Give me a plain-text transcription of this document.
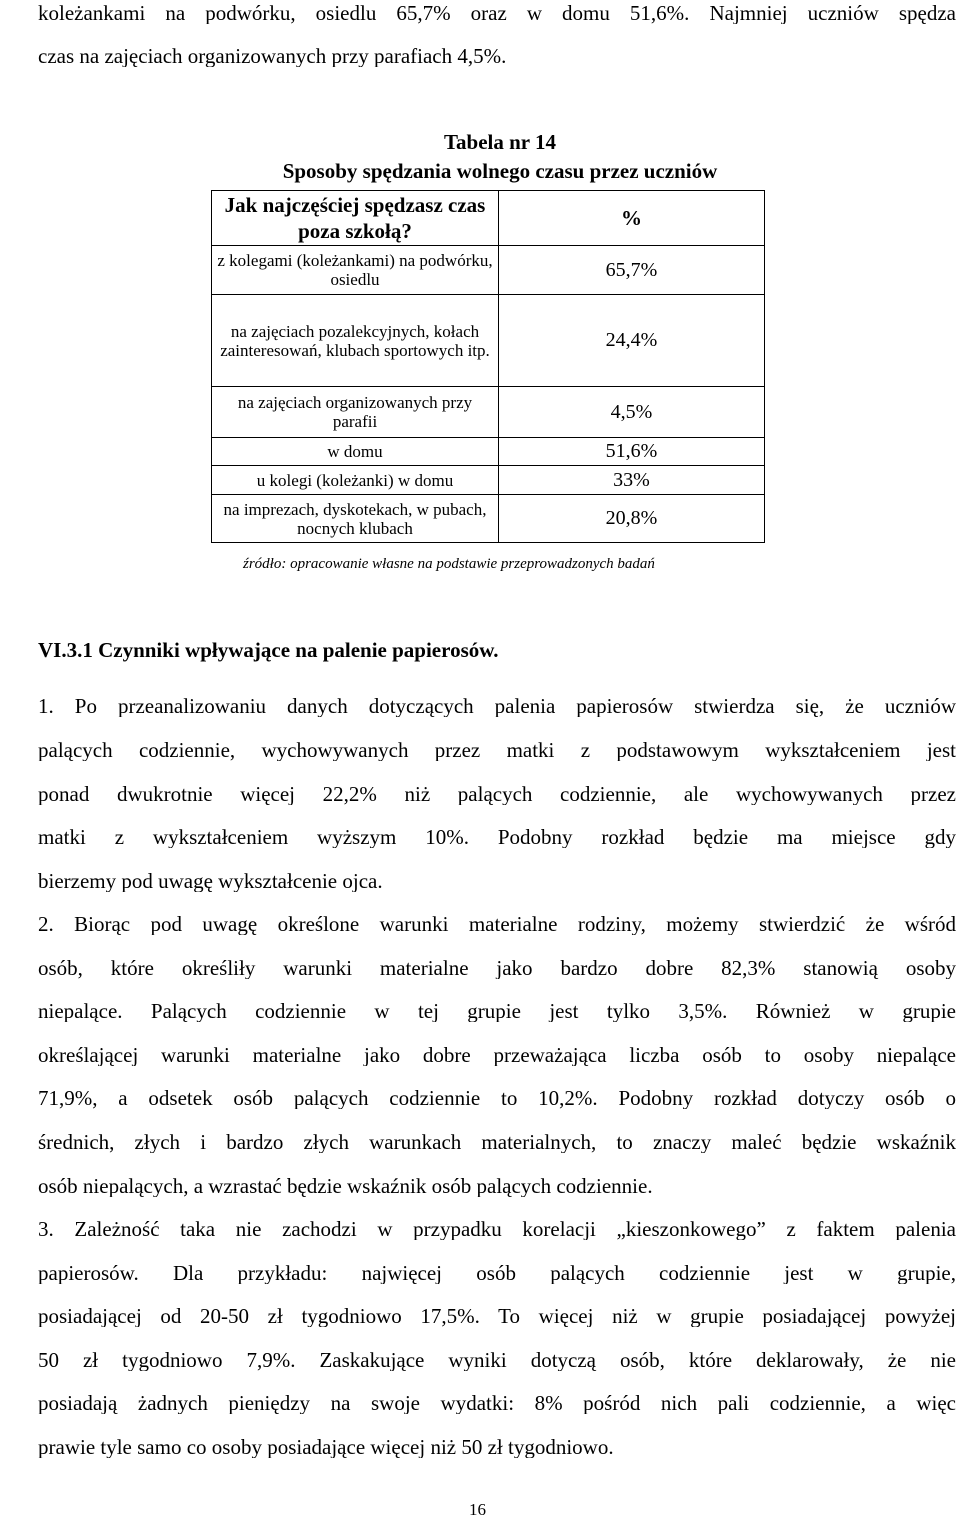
koleżankami na podwórku, osiedlu 65,7% oraz w domu 51,6%. Najmniej uczniów spędza

czas na zajęciach organizowanych przy parafiach 4,5%.

Tabela nr 14
Sposoby spędzania wolnego czasu przez uczniów
Jak najczęściej spędzasz czas poza szkołą?	%
z kolegami (koleżankami) na podwórku, osiedlu	65,7%
na zajęciach pozalekcyjnych, kołach zainteresowań, klubach sportowych itp.	24,4%
na zajęciach organizowanych przy parafii	4,5%
w domu	51,6%
u kolegi (koleżanki) w domu	33%
na imprezach, dyskotekach, w pubach, nocnych klubach	20,8%
źródło: opracowanie własne na podstawie przeprowadzonych badań
VI.3.1 Czynniki wpływające na palenie papierosów.

1. Po przeanalizowaniu danych dotyczących palenia papierosów stwierdza się, że uczniów

palących codziennie, wychowywanych przez matki z podstawowym wykształceniem jest

ponad dwukrotnie więcej 22,2% niż palących codziennie, ale wychowywanych przez

matki z wykształceniem wyższym 10%. Podobny rozkład będzie ma miejsce gdy

bierzemy pod uwagę wykształcenie ojca.

2. Biorąc pod uwagę określone warunki materialne rodziny, możemy stwierdzić że wśród

osób, które określiły warunki materialne jako bardzo dobre 82,3% stanowią osoby

niepalące. Palących codziennie w tej grupie jest tylko 3,5%. Również w grupie

określającej warunki materialne jako dobre przeważająca liczba osób to osoby niepalące

71,9%, a odsetek osób palących codziennie to 10,2%. Podobny rozkład dotyczy osób o

średnich, złych i bardzo złych warunkach materialnych, to znaczy maleć będzie wskaźnik

osób niepalących, a wzrastać będzie wskaźnik osób palących codziennie.

3. Zależność taka nie zachodzi w przypadku korelacji „kieszonkowego” z faktem palenia

papierosów. Dla przykładu: najwięcej osób palących codziennie jest w grupie,

posiadającej od 20-50 zł tygodniowo 17,5%. To więcej niż w grupie posiadającej powyżej

50 zł tygodniowo 7,9%. Zaskakujące wyniki dotyczą osób, które deklarowały, że nie

posiadają żadnych pieniędzy na swoje wydatki: 8% pośród nich pali codziennie, a więc

prawie tyle samo co osoby posiadające więcej niż 50 zł tygodniowo.

16
